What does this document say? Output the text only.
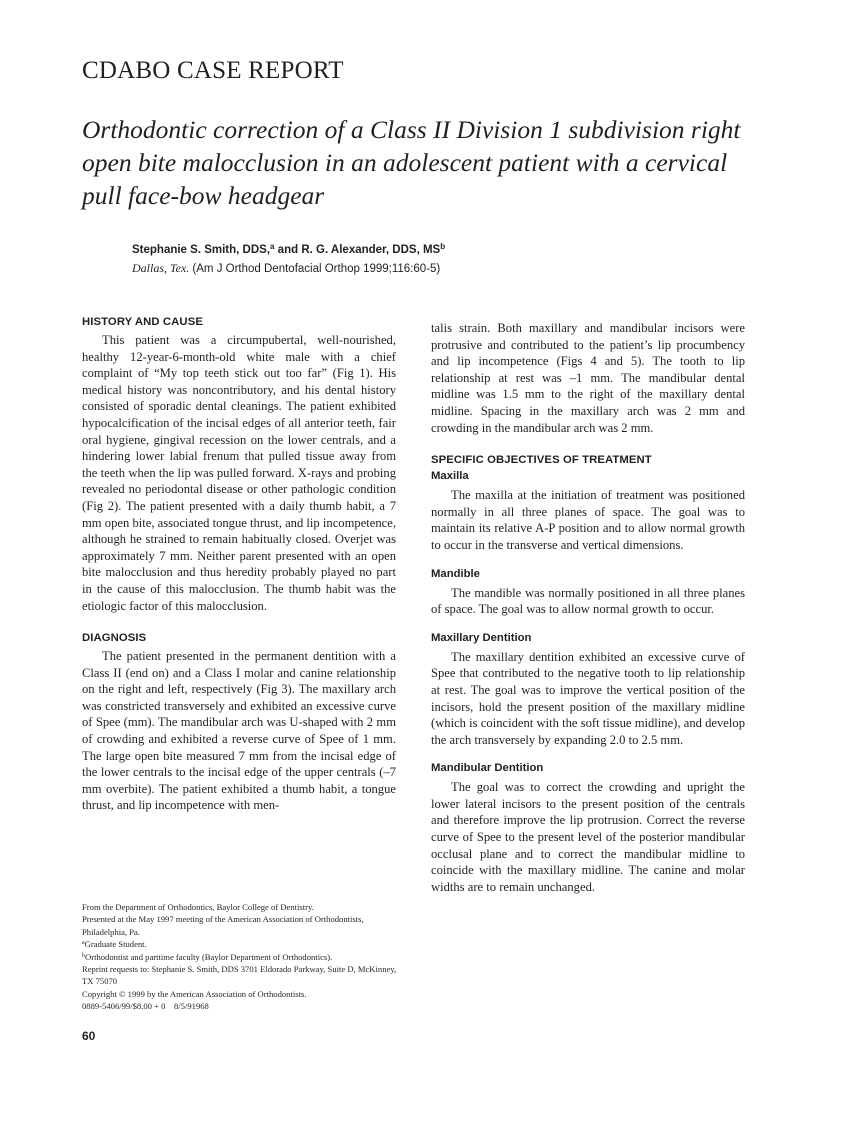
CDABO CASE REPORT
Orthodontic correction of a Class II Division 1 subdivision right
open bite malocclusion in an adolescent patient with a cervical
pull face-bow headgear
Stephanie S. Smith, DDS,$^a$ and R. G. Alexander, DDS, $MS^b$
Dallas, Tex. (Am J Orthod Dentofacial Orthop 1999;116:60-5)
HISTORY AND CAUSE

This patient was a circumpubertal, well-nourished, healthy 12-year-6-month-old white male with a chief complaint of “My top teeth stick out too far” (Fig 1). His medical history was noncontributory, and his dental history consisted of sporadic dental cleanings. The patient exhibited hypocalcification of the incisal edges of all anterior teeth, fair oral hygiene, gingival recession on the lower centrals, and a hindering lower labial frenum that pulled tissue away from the teeth when the lip was pulled forward. X-rays and probing revealed no periodontal disease or other pathologic condition (Fig 2). The patient presented with a daily thumb habit, a 7 mm open bite, associated tongue thrust, and lip incompetence, although he strained to remain habitually closed. Overjet was approximately 7 mm. Neither parent presented with an open bite malocclusion and thus heredity probably played no part in the cause of this malocclusion. The thumb habit was the etiologic factor of this malocclusion.

DIAGNOSIS

The patient presented in the permanent dentition with a Class II (end on) and a Class I molar and canine relationship on the right and left, respectively (Fig 3). The maxillary arch was constricted transversely and exhibited an excessive curve of Spee (mm). The mandibular arch was U-shaped with 2 mm of crowding and exhibited a reverse curve of Spee of 1 mm. The large open bite measured 7 mm from the incisal edge of the lower centrals to the incisal edge of the upper centrals (–7 mm overbite). The patient exhibited a thumb habit, a tongue thrust, and lip incompetence with men-

talis strain. Both maxillary and mandibular incisors were protrusive and contributed to the patient’s lip procumbency and lip incompetence (Figs 4 and 5). The tooth to lip relationship at rest was –1 mm. The mandibular dental midline was 1.5 mm to the right of the maxillary dental midline. Spacing in the maxillary arch was 2 mm and crowding in the mandibular arch was 2 mm.

SPECIFIC OBJECTIVES OF TREATMENT
Maxilla

The maxilla at the initiation of treatment was positioned normally in all three planes of space. The goal was to maintain its relative A-P position and to allow normal growth to occur in the transverse and vertical dimensions.

Mandible

The mandible was normally positioned in all three planes of space. The goal was to allow normal growth to occur.

Maxillary Dentition

The maxillary dentition exhibited an excessive curve of Spee that contributed to the negative tooth to lip relationship at rest. The goal was to improve the vertical position of the incisors, hold the present position of the maxillary midline (which is coincident with the soft tissue midline), and develop the arch transversely by expanding 2.0 to 2.5 mm.

Mandibular Dentition

The goal was to correct the crowding and upright the lower lateral incisors to the present position of the centrals and therefore improve the lip protrusion. Correct the reverse curve of Spee to the present level of the posterior mandibular occlusal plane and to correct the mandibular midline to coincide with the maxillary midline. The canine and molar widths are to remain unchanged.

From the Department of Orthodontics, Baylor College of Dentistry.
Presented at the May 1997 meeting of the American Association of Orthodontists, Philadelphia, Pa.
$^a$Graduate Student.
$^b$Orthodontist and parttime faculty (Baylor Department of Orthodontics).
Reprint requests to: Stephanie S. Smith, DDS 3701 Eldorado Parkway, Suite D, McKinney, TX 75070
Copyright © 1999 by the American Association of Orthodontists.
0889-5406/99/$8.00 + 0    8/5/91968
60
